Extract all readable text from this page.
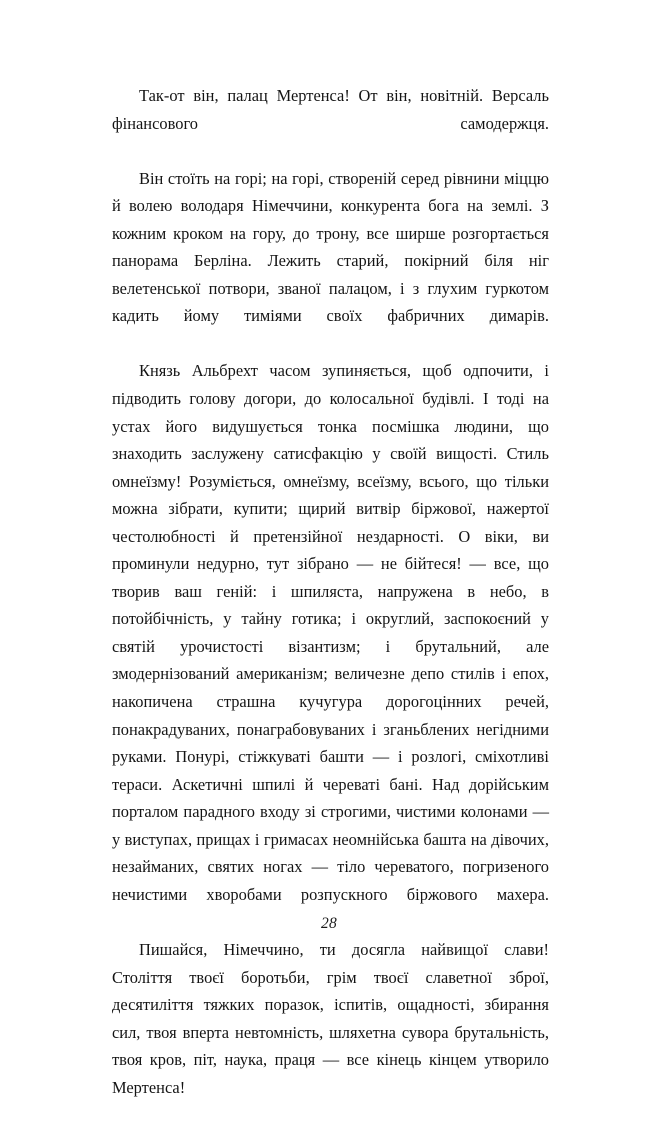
Так-от він, палац Мертенса! От він, новітній. Версаль фінансового самодержця.

Він стоїть на горі; на горі, створеній серед рівнини міццю й волею володаря Німеччини, конкурента бога на землі. З кожним кроком на гору, до трону, все ширше розгортається панорама Берліна. Лежить старий, покірний біля ніг велетенської потвори, званої палацом, і з глухим гуркотом кадить йому тиміями своїх фабричних димарів.

Князь Альбрехт часом зупиняється, щоб одпочити, і підводить голову догори, до колосальної будівлі. І тоді на устах його видушується тонка посмішка людини, що знаходить заслужену сатисфакцію у своїй вищості. Стиль омнеїзму! Розуміється, омнеїзму, всеїзму, всього, що тільки можна зібрати, купити; щирий витвір біржової, нажертої честолюбності й претензійної нездарності. О віки, ви проминули недурно, тут зібрано — не бійтеся! — все, що творив ваш геній: і шпиляста, напружена в небо, в потойбічність, у тайну готика; і округлий, заспокоєний у святій урочистості візантизм; і брутальний, але змодернізований американізм; величезне депо стилів і епох, накопичена страшна кучугура дорогоцінних речей, понакрадуваних, понаграбовуваних і зганьблених негідними руками. Понурі, стіжкуваті башти — і розлогі, сміхотливі тераси. Аскетичні шпилі й череваті бані. Над дорійським порталом парадного входу зі строгими, чистими колонами — у виступах, прищах і гримасах неомнійська башта на дівочих, незайманих, святих ногах — тіло череватого, погризеного нечистими хворобами розпускного біржового махера.

Пишайся, Німеччино, ти досягла найвищої слави! Століття твоєї боротьби, грім твоєї славетної зброї, десятиліття тяжких поразок, іспитів, ощадності, збирання сил, твоя вперта невтомність, шляхетна сувора брутальність, твоя кров, піт, наука, праця — все кінець кінцем утворило Мертенса!

28
